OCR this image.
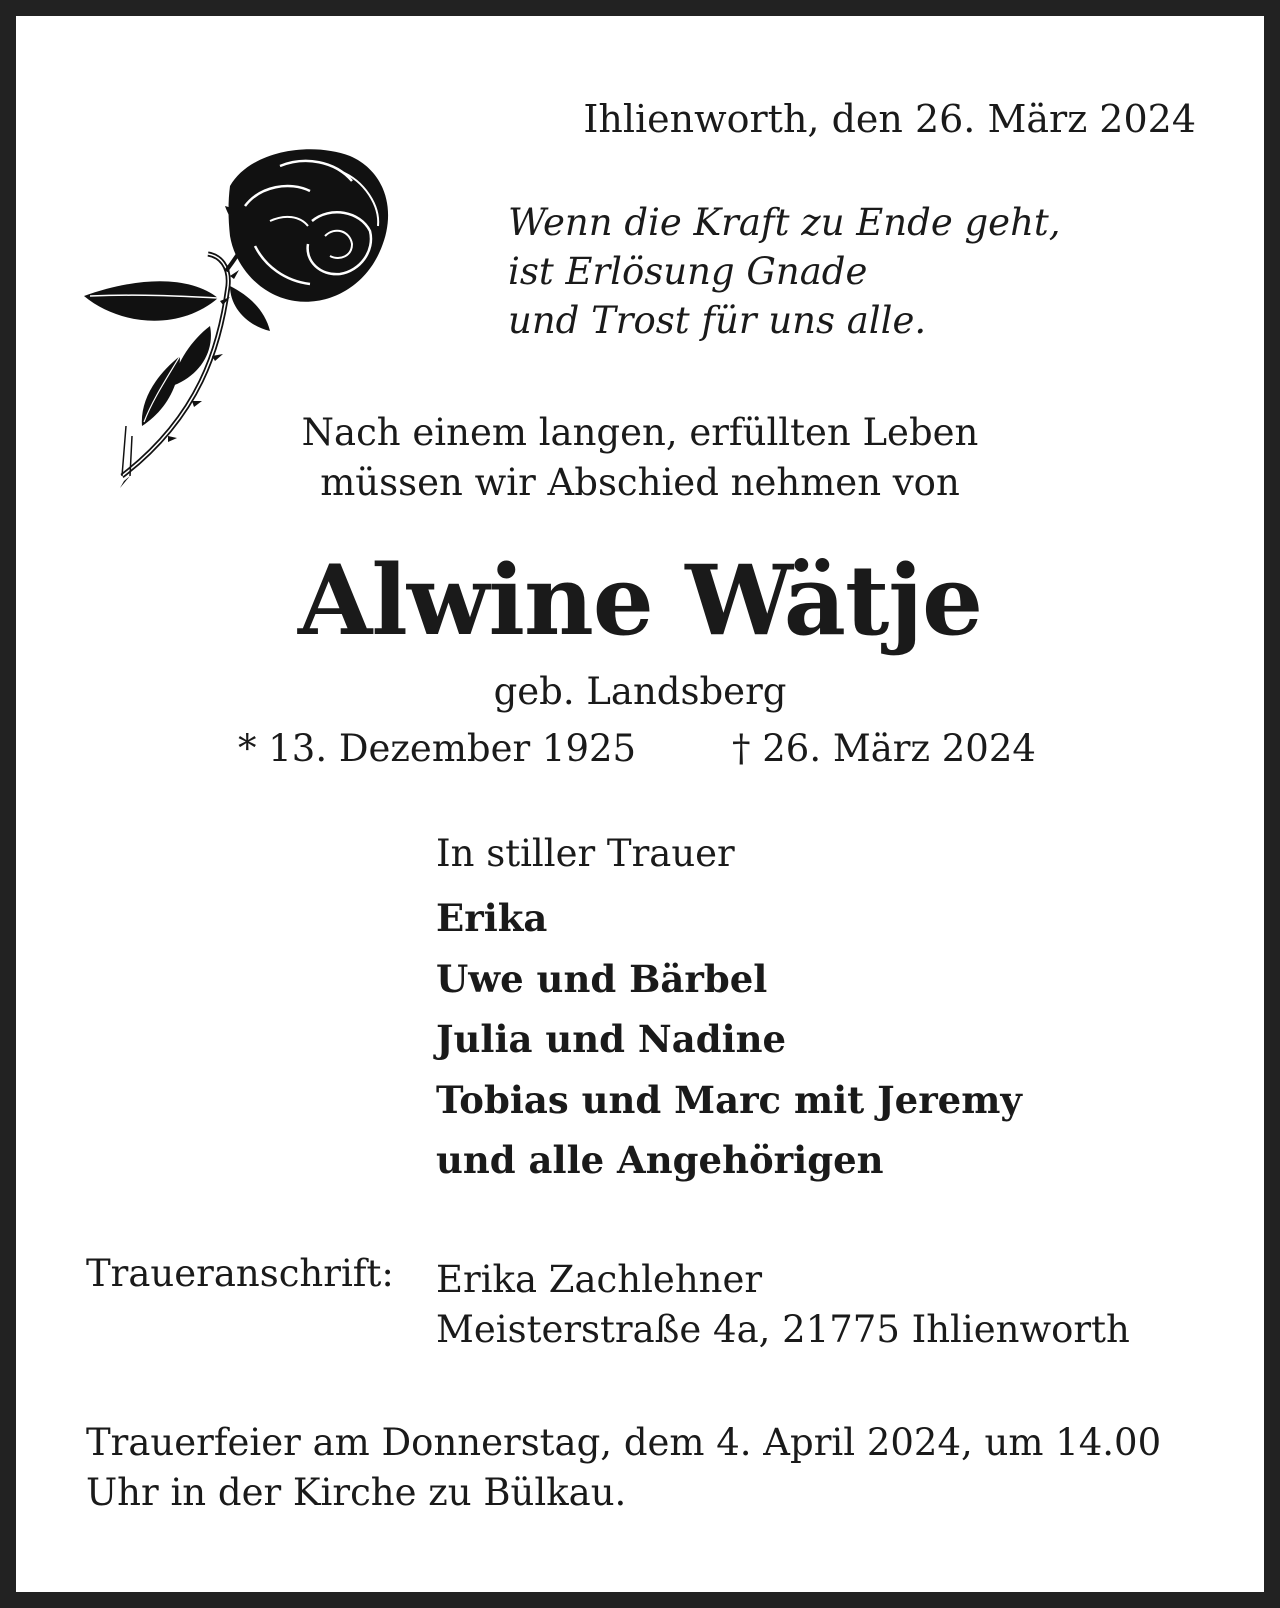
Ihlienworth, den 26. März 2024
Wenn die Kraft zu Ende geht,
ist Erlösung Gnade
und Trost für uns alle.
Nach einem langen, erfüllten Leben
müssen wir Abschied nehmen von
Alwine Wätje
geb. Landsberg
* 13. Dezember 1925	† 26. März 2024
In stiller Trauer
Erika
Uwe und Bärbel
Julia und Nadine
Tobias und Marc mit Jeremy
und alle Angehörigen
Traueranschrift: Erika Zachlehner
Meisterstraße 4a, 21775 Ihlienworth
Trauerfeier am Donnerstag, dem 4. April 2024, um 14.00 Uhr in der Kirche zu Bülkau.
